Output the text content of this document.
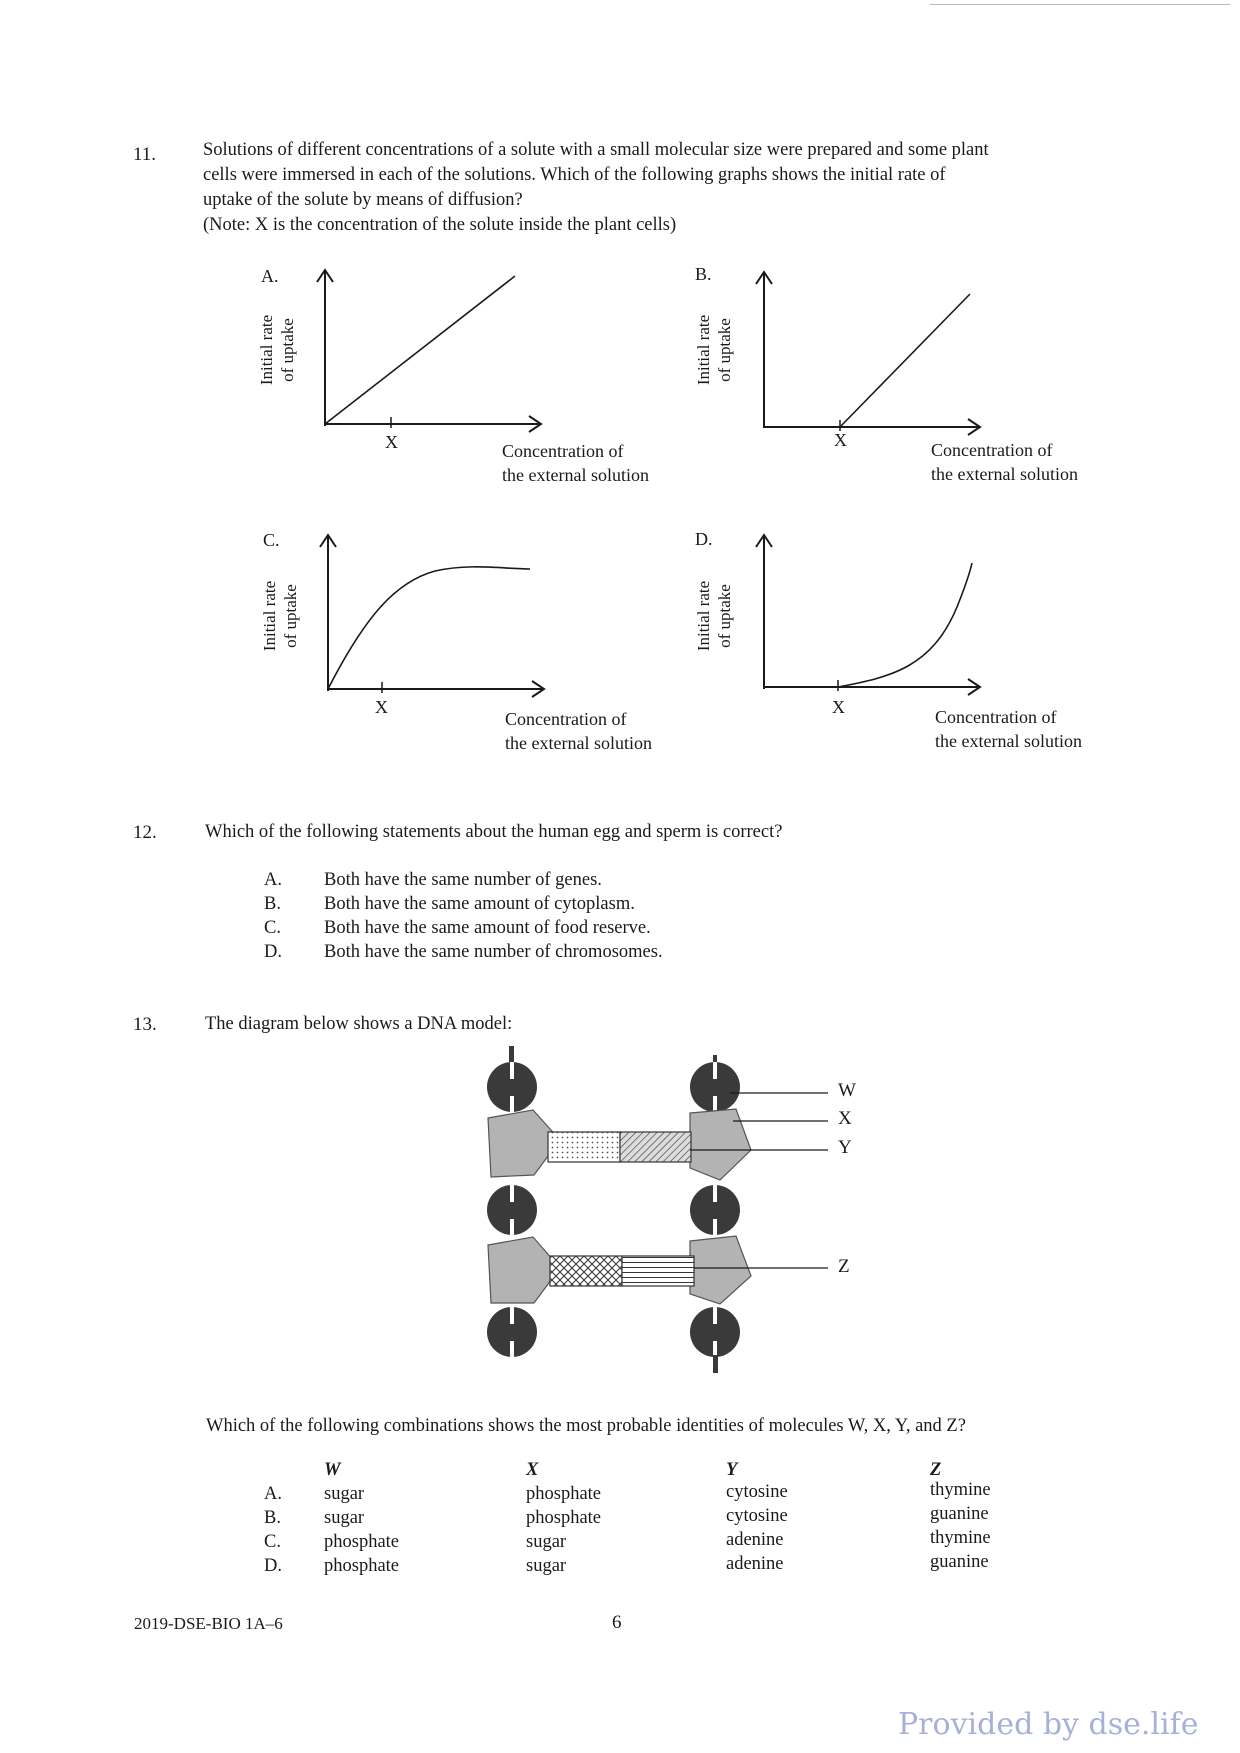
11.	Solutions of different concentrations of a solute with a small molecular size were prepared and some plant
cells were immersed in each of the solutions. Which of the following graphs shows the initial rate of
uptake of the solute by means of diffusion?
(Note: X is the concentration of the solute inside the plant cells)
A.
Initial rate of uptake
X	Concentration of
the external solution
B.
Initial rate of uptake
X	Concentration of
the external solution
C.
Initial rate of uptake
X
Concentration of
the external solution
D.
Initial rate of uptake
X	Concentration of
the external solution
12.	Which of the following statements about the human egg and sperm is correct?
A. Both have the same number of genes.
B. Both have the same amount of cytoplasm.
C. Both have the same amount of food reserve.
D. Both have the same number of chromosomes.
13.	The diagram below shows a DNA model:
W
X
Y
Z
Which of the following combinations shows the most probable identities of molecules W, X, Y, and Z?
W	X	Y	Z
A. sugar	phosphate	cytosine	thymine
B. sugar	phosphate	cytosine	guanine
C. phosphate	sugar	adenine	thymine
D. phosphate	sugar	adenine	guanine
2019-DSE-BIO 1A–6	6
Provided by dse.life
